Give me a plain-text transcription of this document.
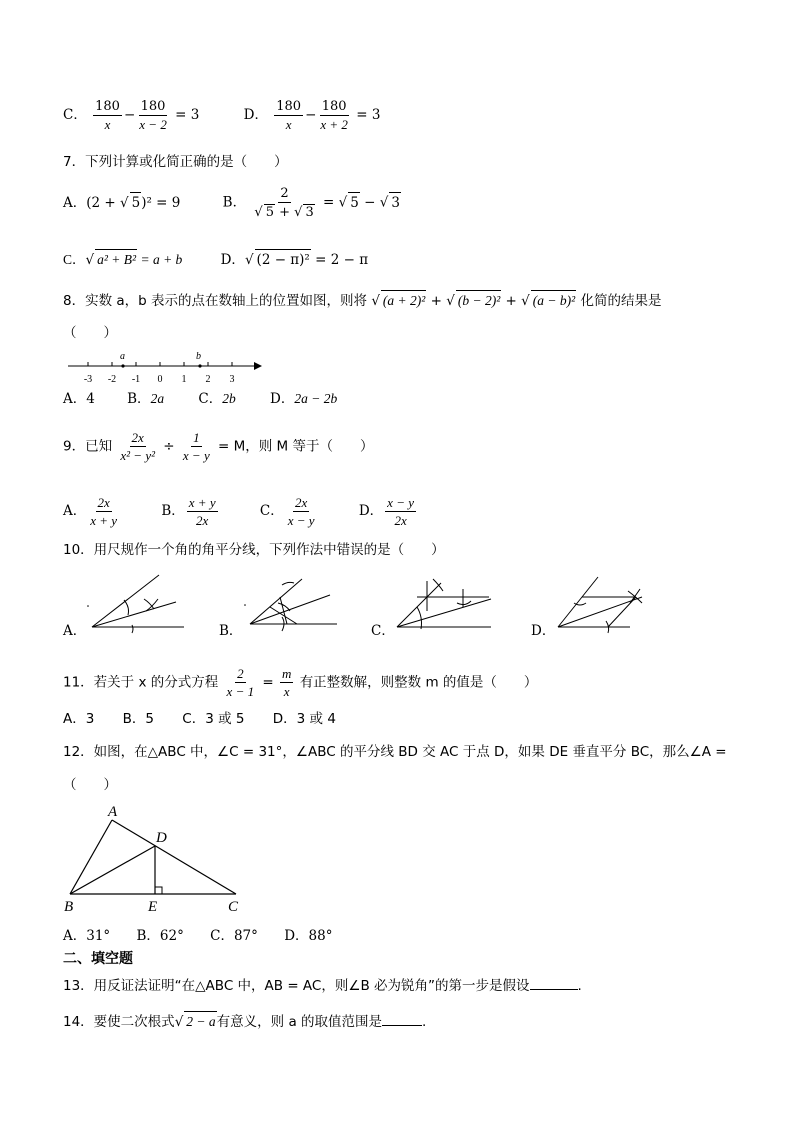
C． $\frac{180}{x} - \frac{180}{x - 2} = 3$	D． $\frac{180}{x} - \frac{180}{x + 2} = 3$
7．下列计算或化简正确的是（　　）
A．(2 + √ 5)² = 9	B． $\frac{2}{√ 5 + √ 3}$ = √ 5 − √ 3
C．√ a² + B² = a + b	D．√ (2 − π)² = 2 − π
8．实数 a，b 表示的点在数轴上的位置如图，则将 √ (a + 2)² + √ (b − 2)² + √ (a − b)² 化简的结果是
（　　）
-3 -2 -1 0 1 2 3
a	b
A．4 B．2a	C．2b	D．2a − 2b
9．已知 $\frac{2x}{\text{x² − y²}} \div \frac{1}{x - y} = M$，则 M 等于（　　）
A． $\frac{2x}{x + y}$	B． $\frac{x + y}{2x}$	C． $\frac{2x}{x - y}$	D． $\frac{x - y}{2x}$
10．用尺规作一个角的角平分线，下列作法中错误的是（　　）
A．	B．	C．	D．
11．若关于 x 的分式方程 $\frac{2}{x - 1} = \frac{m}{x}$ 有正整数解，则整数 m 的值是（　　）
A．3 B．5 C．3 或 5 D．3 或 4
12．如图，在△ABC 中，∠C = 31°，∠ABC 的平分线 BD 交 AC 于点 D，如果 DE 垂直平分 BC，那么∠A =
（　　）
A
B	C
D
E
A．31° B．62° C．87° D．88°
二、填空题
13．用反证法证明“在△ABC 中，AB = AC，则∠B 必为锐角”的第一步是假设	.
14．要使二次根式√ 2 − a有意义，则 a 的取值范围是	.
